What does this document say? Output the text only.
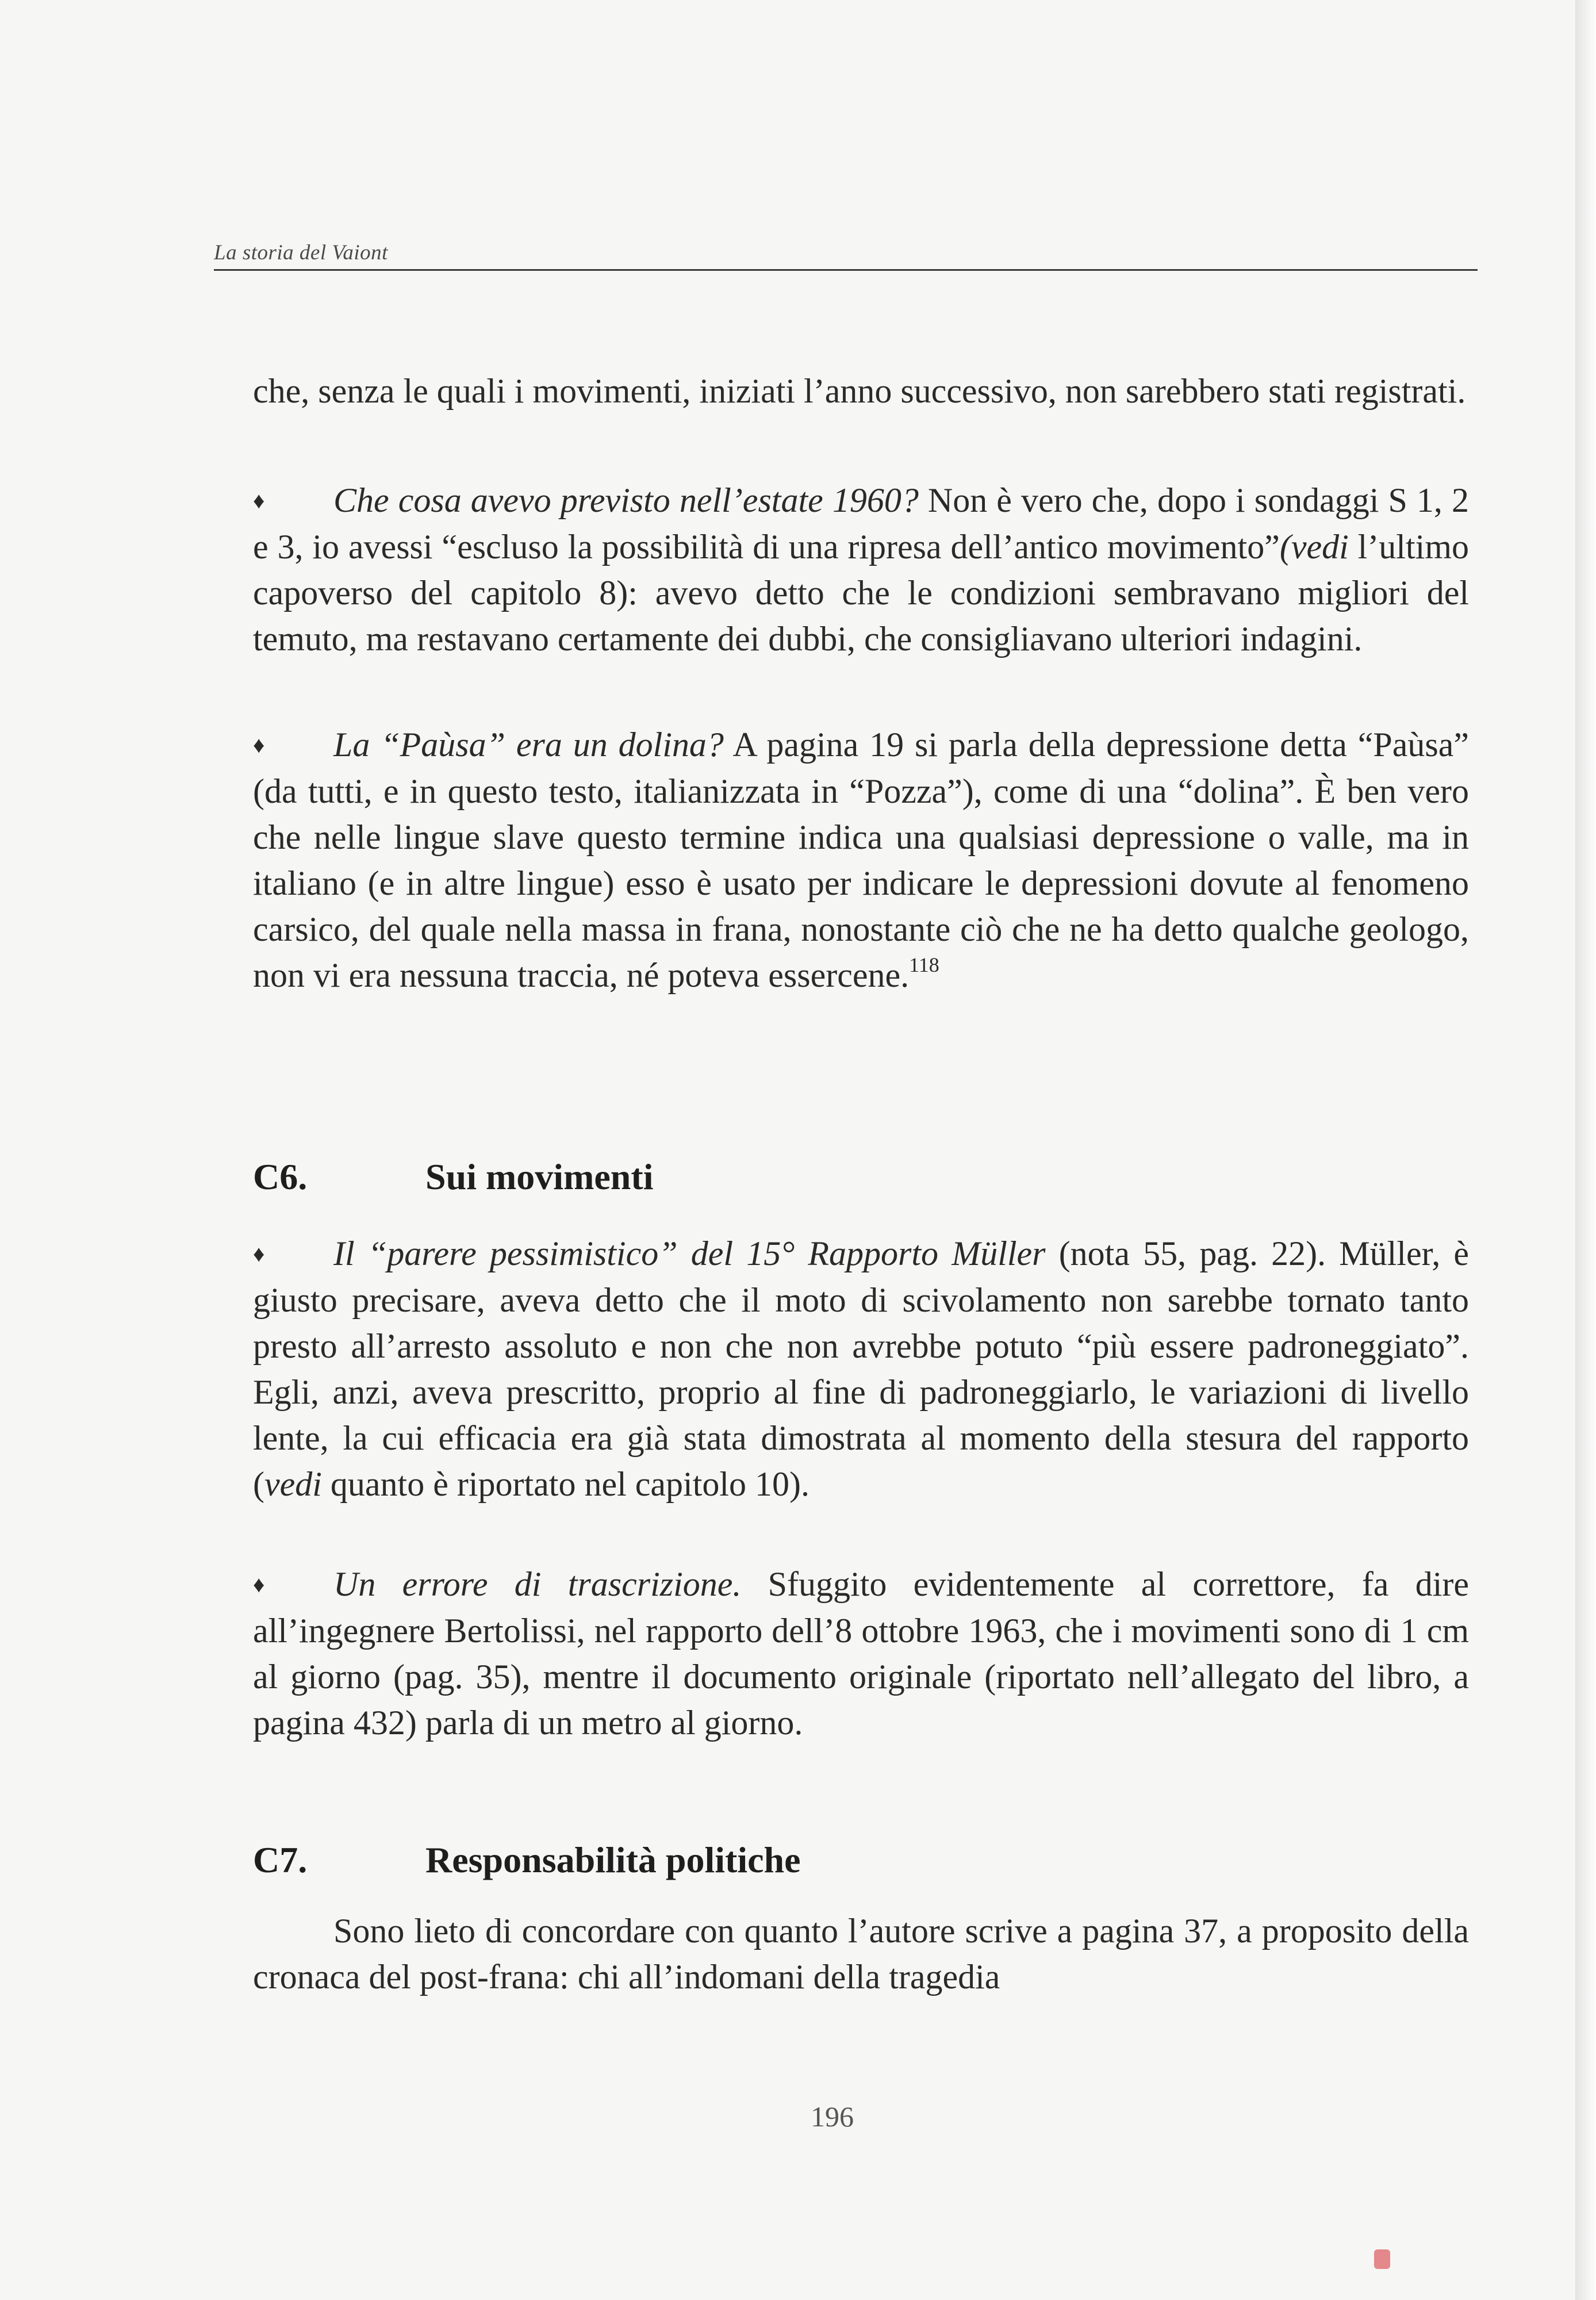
La storia del Vaiont

che, senza le quali i movimenti, iniziati l’anno successivo, non sarebbero stati registrati.

♦ Che cosa avevo previsto nell’estate 1960? Non è vero che, dopo i sondaggi S 1, 2 e 3, io avessi “escluso la possibilità di una ripresa dell’antico movimento”(vedi l’ultimo capoverso del capitolo 8): avevo detto che le condizioni sembravano migliori del temuto, ma restavano certamente dei dubbi, che consigliavano ulteriori indagini.

♦ La “Paùsa” era un dolina? A pagina 19 si parla della depressione detta “Paùsa” (da tutti, e in questo testo, italianizzata in “Pozza”), come di una “dolina”. È ben vero che nelle lingue slave questo termine indica una qualsiasi depressione o valle, ma in italiano (e in altre lingue) esso è usato per indicare le depressioni dovute al fenomeno carsico, del quale nella massa in frana, nonostante ciò che ne ha detto qualche geologo, non vi era nessuna traccia, né poteva essercene.$^{118}$

C6.	Sui movimenti

♦ Il “parere pessimistico” del 15° Rapporto Müller (nota 55, pag. 22). Müller, è giusto precisare, aveva detto che il moto di scivolamento non sarebbe tornato tanto presto all’arresto assoluto e non che non avrebbe potuto “più essere padroneggiato”. Egli, anzi, aveva prescritto, proprio al fine di padroneggiarlo, le variazioni di livello lente, la cui efficacia era già stata dimostrata al momento della stesura del rapporto (vedi quanto è riportato nel capitolo 10).

♦ Un errore di trascrizione. Sfuggito evidentemente al correttore, fa dire all’ingegnere Bertolissi, nel rapporto dell’8 ottobre 1963, che i movimenti sono di 1 cm al giorno (pag. 35), mentre il documento originale (riportato nell’allegato del libro, a pagina 432) parla di un metro al giorno.

C7.	Responsabilità politiche

Sono lieto di concordare con quanto l’autore scrive a pagina 37, a proposito della cronaca del post-frana: chi all’indomani della tragedia

196
